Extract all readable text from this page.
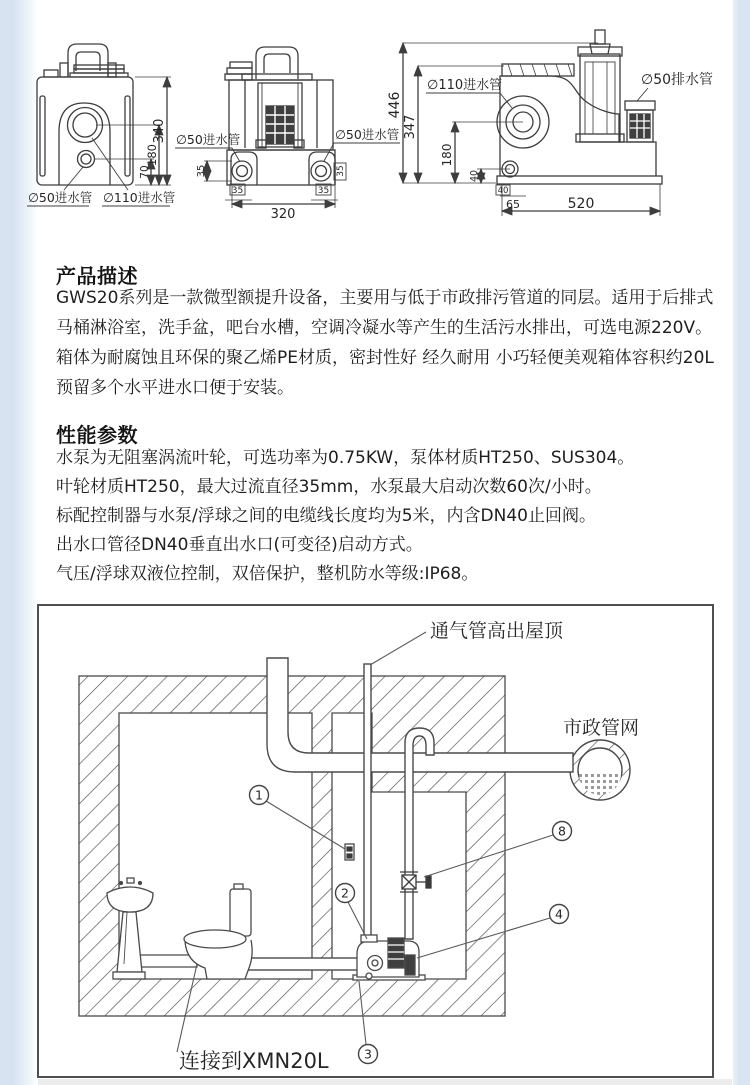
340
180
70
∅50进水管 ∅110进水管
320
35	35
35	35
∅50进水管	∅50进水管
446
347
180
40
40
65	520
∅110进水管	∅50排水管
产品描述
GWS20系列是一款微型额提升设备，主要用与低于市政排污管道的同层。适用于后排式
马桶淋浴室，洗手盆，吧台水槽，空调冷凝水等产生的生活污水排出，可选电源220V。
箱体为耐腐蚀且环保的聚乙烯PE材质，密封性好 经久耐用 小巧轻便美观箱体容积约20L
预留多个水平进水口便于安装。
性能参数
水泵为无阻塞涡流叶轮，可选功率为0.75KW，泵体材质HT250、SUS304。
叶轮材质HT250，最大过流直径35mm，水泵最大启动次数60次/小时。
标配控制器与水泵/浮球之间的电缆线长度均为5米，内含DN40止回阀。
出水口管径DN40垂直出水口(可变径)启动方式。
气压/浮球双液位控制，双倍保护，整机防水等级:IP68。
1
2
3
4
8
通气管高出屋顶
市政管网
连接到XMN20L
